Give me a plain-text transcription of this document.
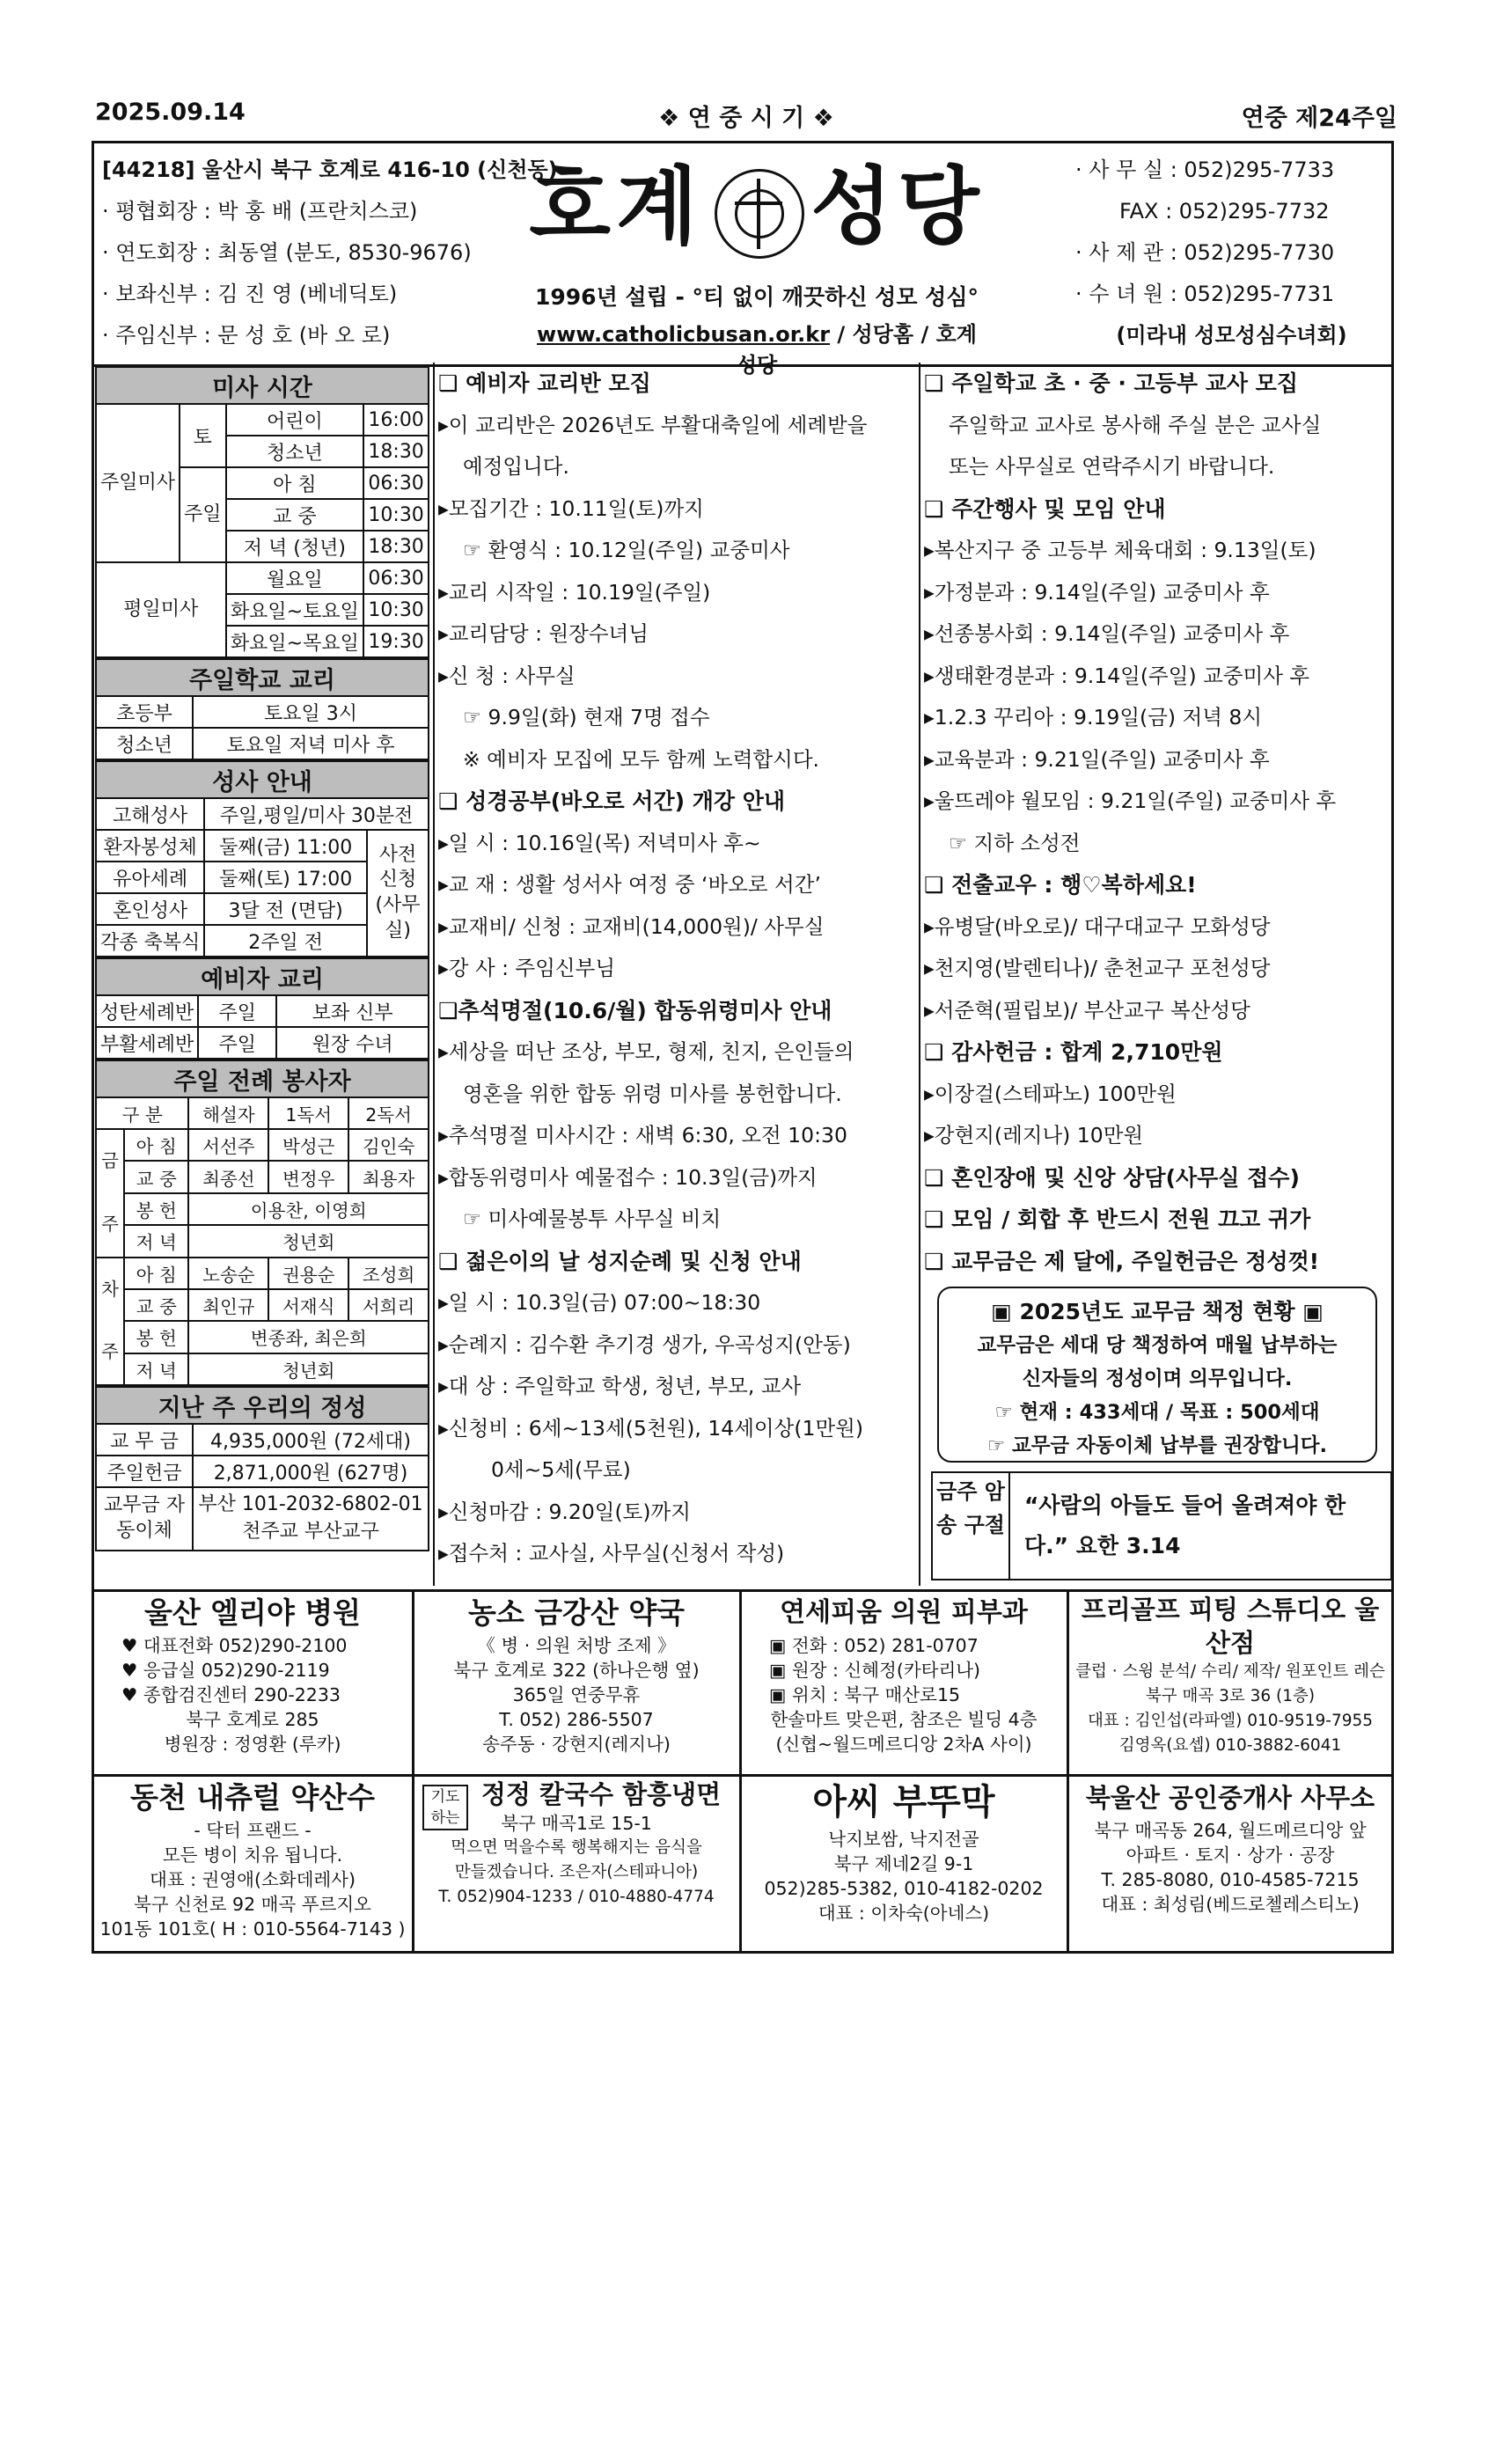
2025.09.14	❖ 연 중 시 기 ❖	연중 제24주일
[44218] 울산시 북구 호계로 416-10 (신천동)
· 평협회장 : 박 홍 배 (프란치스코)
· 연도회장 : 최동열 (분도, 8530-9676)
· 보좌신부 : 김 진 영 (베네딕토)
· 주임신부 : 문 성 호 (바 오 로)
호계 성당
1996년 설립 - °티 없이 깨끗하신 성모 성심°
www.catholicbusan.or.kr / 성당홈 / 호계성당
· 사 무 실 : 052)295-7733
FAX : 052)295-7732
· 사 제 관 : 052)295-7730
· 수 녀 원 : 052)295-7731
(미라내 성모성심수녀회)
미사 시간			
주일미사	토	어린이	16:00
		청소년	18:30
	주일	아 침	06:30
		교 중	10:30
		저 녁 (청년)	18:30
평일미사		월요일	06:30
		화요일~토요일	10:30
		화요일~목요일	19:30
주일학교 교리	
초등부	토요일 3시
청소년	토요일 저녁 미사 후
성사 안내		
고해성사	주일,평일/미사 30분전	
환자봉성체	둘째(금) 11:00	사전 신청 (사무실)
유아세례	둘째(토) 17:00	
혼인성사	3달 전 (면담)	
각종 축복식	2주일 전	
예비자 교리		
성탄세례반	주일	보좌 신부
부활세례반	주일	원장 수녀
주일 전례 봉사자				
구 분		해설자	1독서	2독서
금주	아 침	서선주	박성근	김인숙
	교 중	최종선	변정우	최용자
	봉 헌	이용찬, 이영희		
	저 녁	청년회		
차주	아 침	노송순	권용순	조성희
	교 중	최인규	서재식	서희리
	봉 헌	변종좌, 최은희		
	저 녁	청년회		
지난 주 우리의 정성	
교 무 금	4,935,000원 (72세대)
주일헌금	2,871,000원 (627명)
교무금 자동이체	부산 101-2032-6802-01 천주교 부산교구
❑ 예비자 교리반 모집
▸이 교리반은 2026년도 부활대축일에 세례받을
예정입니다.
▸모집기간 : 10.11일(토)까지
☞ 환영식 : 10.12일(주일) 교중미사
▸교리 시작일 : 10.19일(주일)
▸교리담당 : 원장수녀님
▸신 청 : 사무실
☞ 9.9일(화) 현재 7명 접수
※ 예비자 모집에 모두 함께 노력합시다.
❑ 성경공부(바오로 서간) 개강 안내
▸일 시 : 10.16일(목) 저녁미사 후~
▸교 재 : 생활 성서사 여정 중 ‘바오로 서간’
▸교재비/ 신청 : 교재비(14,000원)/ 사무실
▸강 사 : 주임신부님
❑추석명절(10.6/월) 합동위령미사 안내
▸세상을 떠난 조상, 부모, 형제, 친지, 은인들의
영혼을 위한 합동 위령 미사를 봉헌합니다.
▸추석명절 미사시간 : 새벽 6:30, 오전 10:30
▸합동위령미사 예물접수 : 10.3일(금)까지
☞ 미사예물봉투 사무실 비치
❑ 젊은이의 날 성지순례 및 신청 안내
▸일 시 : 10.3일(금) 07:00~18:30
▸순례지 : 김수환 추기경 생가, 우곡성지(안동)
▸대 상 : 주일학교 학생, 청년, 부모, 교사
▸신청비 : 6세~13세(5천원), 14세이상(1만원)
0세~5세(무료)
▸신청마감 : 9.20일(토)까지
▸접수처 : 교사실, 사무실(신청서 작성)
❑ 주일학교 초 · 중 · 고등부 교사 모집
주일학교 교사로 봉사해 주실 분은 교사실
또는 사무실로 연락주시기 바랍니다.
❑ 주간행사 및 모임 안내
▸복산지구 중 고등부 체육대회 : 9.13일(토)
▸가정분과 : 9.14일(주일) 교중미사 후
▸선종봉사회 : 9.14일(주일) 교중미사 후
▸생태환경분과 : 9.14일(주일) 교중미사 후
▸1.2.3 꾸리아 : 9.19일(금) 저녁 8시
▸교육분과 : 9.21일(주일) 교중미사 후
▸울뜨레야 월모임 : 9.21일(주일) 교중미사 후
☞ 지하 소성전
❑ 전출교우 : 행♡복하세요!
▸유병달(바오로)/ 대구대교구 모화성당
▸천지영(발렌티나)/ 춘천교구 포천성당
▸서준혁(필립보)/ 부산교구 복산성당
❑ 감사헌금 : 합계 2,710만원
▸이장걸(스테파노) 100만원
▸강현지(레지나) 10만원
❑ 혼인장애 및 신앙 상담(사무실 접수)
❑ 모임 / 회합 후 반드시 전원 끄고 귀가
❑ 교무금은 제 달에, 주일헌금은 정성껏!
▣ 2025년도 교무금 책정 현황 ▣
교무금은 세대 당 책정하여 매월 납부하는
신자들의 정성이며 의무입니다.
☞ 현재 : 433세대 / 목표 : 500세대
☞ 교무금 자동이체 납부를 권장합니다.
금주 암송 구절
“사람의 아들도 들어 올려져야 한다.” 요한 3.14
울산 엘리야 병원
♥ 대표전화 052)290-2100
♥ 응급실 052)290-2119
♥ 종합검진센터 290-2233
북구 호계로 285
병원장 : 정영환 (루카)
농소 금강산 약국
《 병 · 의원 처방 조제 》
북구 호계로 322 (하나은행 옆)
365일 연중무휴
T. 052) 286-5507
송주동 · 강현지(레지나)
연세피움 의원 피부과
▣ 전화 : 052) 281-0707
▣ 원장 : 신혜정(카타리나)
▣ 위치 : 북구 매산로15
한솔마트 맞은편, 참조은 빌딩 4층
(신협~월드메르디앙 2차A 사이)
프리골프 피팅 스튜디오 울산점
클럽 · 스윙 분석/ 수리/ 제작/ 원포인트 레슨
북구 매곡 3로 36 (1층)
대표 : 김인섭(라파엘) 010-9519-7955
김영옥(요셉) 010-3882-6041
동천 내츄럴 약산수
- 닥터 프랜드 -
모든 병이 치유 됩니다.
대표 : 권영애(소화데레사)
북구 신천로 92 매곡 푸르지오
101동 101호( H : 010-5564-7143 )
기도하는
정정 칼국수 함흥냉면
북구 매곡1로 15-1
먹으면 먹을수록 행복해지는 음식을
만들겠습니다. 조은자(스테파니아)
T. 052)904-1233 / 010-4880-4774
아씨 부뚜막
낙지보쌈, 낙지전골
북구 제네2길 9-1
052)285-5382, 010-4182-0202
대표 : 이차숙(아네스)
북울산 공인중개사 사무소
북구 매곡동 264, 월드메르디앙 앞
아파트 · 토지 · 상가 · 공장
T. 285-8080, 010-4585-7215
대표 : 최성림(베드로첼레스티노)
